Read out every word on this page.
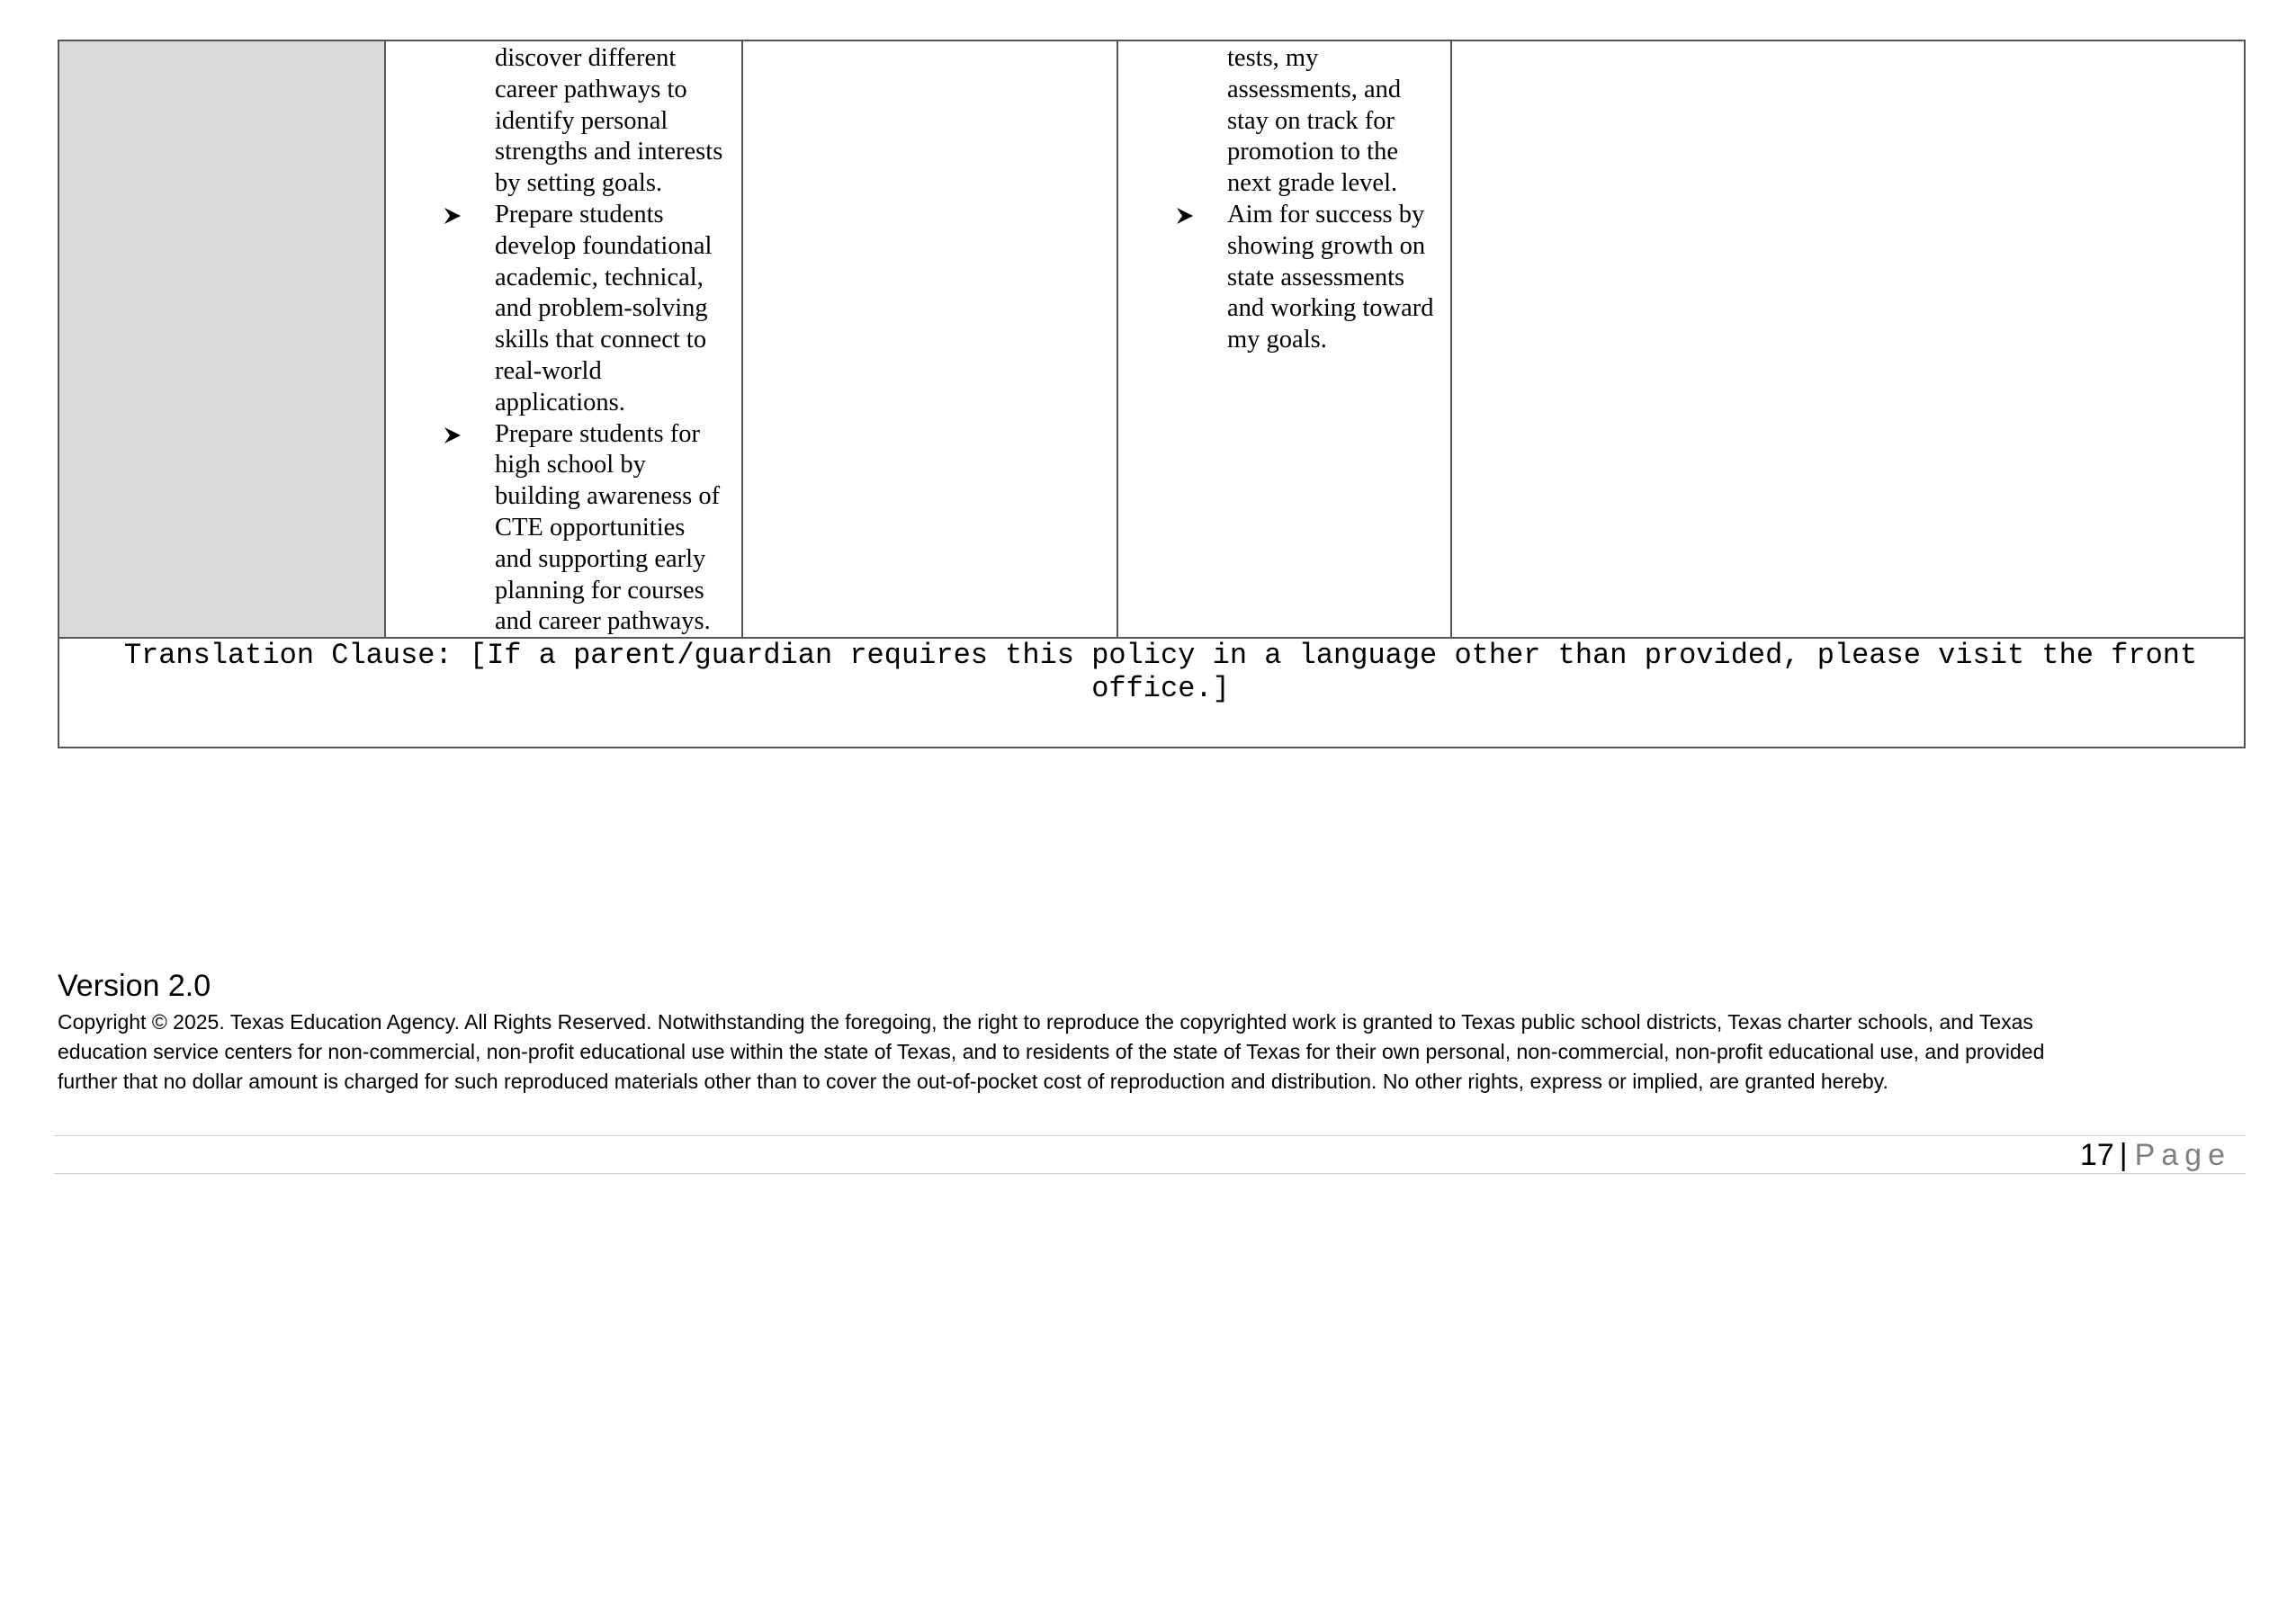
discover different
career pathways to
identify personal
strengths and interests
by setting goals.
Prepare students
develop foundational
academic, technical,
and problem-solving
skills that connect to
real-world
applications.
Prepare students for
high school by
building awareness of
CTE opportunities
and supporting early
planning for courses
and career pathways.
tests, my
assessments, and
stay on track for
promotion to the
next grade level.
Aim for success by
showing growth on
state assessments
and working toward
my goals.
Translation Clause: [If a parent/guardian requires this policy in a language other than provided, please visit the front office.]
Version 2.0

Copyright © 2025. Texas Education Agency. All Rights Reserved. Notwithstanding the foregoing, the right to reproduce the copyrighted work is granted to Texas public school districts, Texas charter schools, and Texas
education service centers for non-commercial, non-profit educational use within the state of Texas, and to residents of the state of Texas for their own personal, non-commercial, non-profit educational use, and provided
further that no dollar amount is charged for such reproduced materials other than to cover the out-of-pocket cost of reproduction and distribution. No other rights, express or implied, are granted hereby.

17 | Page
